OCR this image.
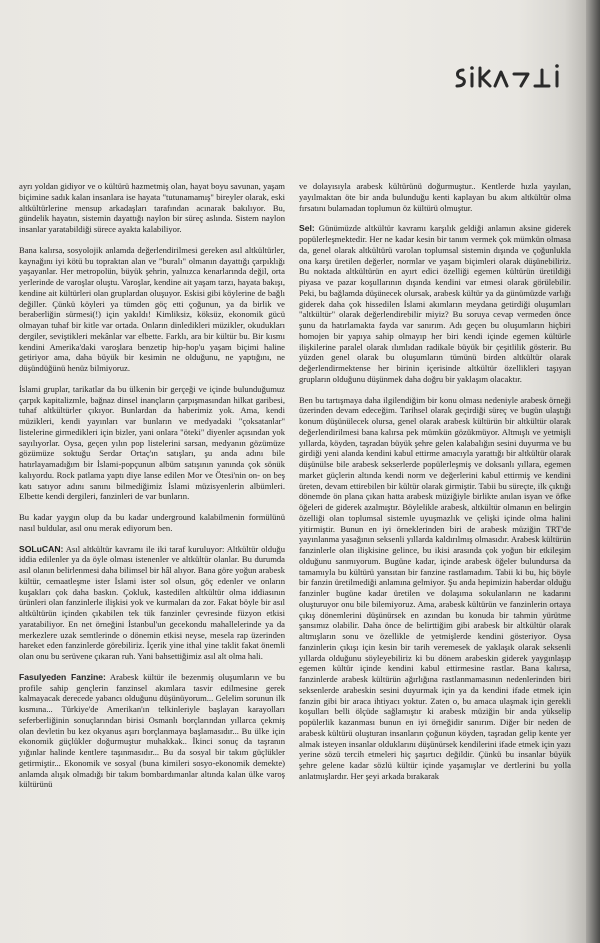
ayrı yoldan gidiyor ve o kültürü hazmetmiş olan, hayat boyu savunan, yaşam biçimine sadık kalan insanlara ise hayata "tutunamamış" bireyler olarak, eski altkültürlerine mensup arkadaşları tarafından acınarak bakılıyor. Bu, gündelik hayatın, sistemin dayattığı naylon bir süreç aslında. Sistem naylon insanlar yaratabildiği sürece ayakta kalabiliyor.

Bana kalırsa, sosyolojik anlamda değerlendirilmesi gereken asıl altkültürler, kaynağını iyi kötü bu topraktan alan ve "buralı" olmanın dayattığı çarpıklığı yaşayanlar. Her metropolün, büyük şehrin, yalnızca kenarlarında değil, orta yerlerinde de varoşlar oluştu. Varoşlar, kendine ait yaşam tarzı, hayata bakışı, kendine ait kültürleri olan gruplardan oluşuyor. Eskisi gibi köylerine de bağlı değiller. Çünkü köyleri ya tümden göç etti çoğunun, ya da birlik ve beraberliğin sürmesi(!) için yakıldı! Kimliksiz, köksüz, ekonomik gücü olmayan tuhaf bir kitle var ortada. Onların dinledikleri müzikler, okudukları dergiler, seviştikleri mekânlar var elbette. Farklı, ara bir kültür bu. Bir kısmı kendini Amerika'daki varoşlara benzetip hip-hop'u yaşam biçimi haline getiriyor ama, daha büyük bir kesimin ne olduğunu, ne yaptığını, ne düşündüğünü henüz bilmiyoruz.

İslami gruplar, tarikatlar da bu ülkenin bir gerçeği ve içinde bulunduğumuz çarpık kapitalizmle, bağnaz dinsel inançların çarpışmasından hilkat garibesi, tuhaf altkültürler çıkıyor. Bunlardan da haberimiz yok. Ama, kendi müzikleri, kendi yayınları var bunların ve medyadaki "çoksatanlar" listelerine girmedikleri için bizler, yani onlara "öteki" diyenler açısından yok sayılıyorlar. Oysa, geçen yılın pop listelerini sarsan, medyanın gözümüze gözümüze soktuğu Serdar Ortaç'ın satışları, şu anda adını bile hatırlayamadığım bir İslami-popçunun albüm satışının yanında çok sönük kalıyordu. Rock patlama yaptı diye lanse edilen Mor ve Ötesi'nin on- on beş katı satıyor adını sanını bilmediğimiz İslami müzisyenlerin albümleri. Elbette kendi dergileri, fanzinleri de var bunların.

Bu kadar yaygın olup da bu kadar underground kalabilmenin formülünü nasıl buldular, asıl onu merak ediyorum ben.

SOLuCAN: Asıl altkültür kavramı ile iki taraf kuruluyor: Altkültür olduğu iddia edilenler ya da öyle olması istenenler ve altkültür olanlar. Bu durumda asıl olanın belirlenmesi daha bilimsel bir hâl alıyor. Bana göre yoğun arabesk kültür, cemaatleşme ister İslami ister sol olsun, göç edenler ve onların kuşakları çok daha baskın. Çokluk, kastedilen altkültür olma iddiasının ürünleri olan fanzinlerle ilişkisi yok ve kurmaları da zor. Fakat böyle bir asıl altkültürün içinden çıkabilen tek tük fanzinler çevresinde füzyon etkisi yaratabiliyor. En net örneğini İstanbul'un gecekondu mahallelerinde ya da merkezlere uzak semtlerinde o dönemin etkisi neyse, mesela rap üzerinden hareket eden fanzinlerde görebiliriz. İçerik yine ithal yine taklit fakat önemli olan onu bu serüvene çıkaran ruh. Yani bahsettiğimiz asıl alt olma hali.

Fasulyeden Fanzine: Arabesk kültür ile bezenmiş oluşumların ve bu profile sahip gençlerin fanzinsel akımlara tasvir edilmesine gerek kalmayacak derecede yabancı olduğunu düşünüyorum... Gelelim sorunun ilk kısmına... Türkiye'de Amerikan'ın telkinleriyle başlayan karayolları seferberliğinin sonuçlarından birisi Osmanlı borçlarından yıllarca çekmiş olan devletin bu kez okyanus aşırı borçlanmaya başlamasıdır... Bu ülke için ekonomik güçlükler doğurmuştur muhakkak.. İkinci sonuç da taşranın yığınlar halinde kentlere taşınmasıdır... Bu da sosyal bir takım güçlükler getirmiştir... Ekonomik ve sosyal (buna kimileri sosyo-ekonomik demekte) anlamda alışık olmadığı bir takım bombardımanlar altında kalan ülke varoş kültürünü

ve dolayısıyla arabesk kültürünü doğurmuştur.. Kentlerde hızla yayılan, yayılmaktan öte bir anda bulunduğu kenti kaplayan bu akım altkültür olma fırsatını bulamadan toplumun öz kültürü olmuştur.

Sel: Günümüzde altkültür kavramı karşılık geldiği anlamın aksine giderek popülerleşmektedir. Her ne kadar kesin bir tanım vermek çok mümkün olmasa da, genel olarak altkültürü varolan toplumsal sistemin dışında ve çoğunlukla ona karşı üretilen değerler, normlar ve yaşam biçimleri olarak düşünebiliriz. Bu noktada altkültürün en ayırt edici özelliği egemen kültürün üretildiği piyasa ve pazar koşullarının dışında kendini var etmesi olarak görülebilir. Peki, bu bağlamda düşünecek olursak, arabesk kültür ya da günümüzde varlığı giderek daha çok hissedilen İslami akımların meydana getirdiği oluşumları "altkültür" olarak değerlendirebilir miyiz? Bu soruya cevap vermeden önce şunu da hatırlamakta fayda var sanırım. Adı geçen bu oluşumların hiçbiri homojen bir yapıya sahip olmayıp her biri kendi içinde egemen kültürle ilişkilerine paralel olarak ılımlıdan radikale büyük bir çeşitlilik gösterir. Bu yüzden genel olarak bu oluşumların tümünü birden altkültür olarak değerlendirmektense her birinin içerisinde altkültür özellikleri taşıyan grupların olduğunu düşünmek daha doğru bir yaklaşım olacaktır.

Ben bu tartışmaya daha ilgilendiğim bir konu olması nedeniyle arabesk örneği üzerinden devam edeceğim. Tarihsel olarak geçirdiği süreç ve bugün ulaştığı konum düşünülecek olursa, genel olarak arabesk kültürün bir altkültür olarak değerlendirilmesi bana kalırsa pek mümkün gözükmüyor. Altmışlı ve yetmişli yıllarda, köyden, taşradan büyük şehre gelen kalabalığın sesini duyurma ve bu girdiği yeni alanda kendini kabul ettirme amacıyla yarattığı bir altkültür olarak düşünülse bile arabesk sekserlerde popülerleşmiş ve doksanlı yıllara, egemen market güçlerin altında kendi norm ve değerlerini kabul ettirmiş ve kendini üreten, devam ettirebilen bir kültür olarak girmiştir. Tabii bu süreçte, ilk çıktığı dönemde ön plana çıkan hatta arabesk müziğiyle birlikte anılan isyan ve öfke öğeleri de giderek azalmıştır. Böylelikle arabesk, altkültür olmanın en belirgin özelliği olan toplumsal sistemle uyuşmazlık ve çelişki içinde olma halini yitirmiştir. Bunun en iyi örneklerinden biri de arabesk müziğin TRT'de yayınlanma yasağının seksenli yıllarda kaldırılmış olmasıdır. Arabesk kültürün fanzinlerle olan ilişkisine gelince, bu ikisi arasında çok yoğun bir etkileşim olduğunu sanmıyorum. Bugüne kadar, içinde arabesk öğeler bulundursa da tamamıyla bu kültürü yansıtan bir fanzine rastlamadım. Tabii ki bu, hiç böyle bir fanzin üretilmediği anlamına gelmiyor. Şu anda hepimizin haberdar olduğu fanzinler bugüne kadar üretilen ve dolaşıma sokulanların ne kadarını oluşturuyor onu bile bilemiyoruz. Ama, arabesk kültürün ve fanzinlerin ortaya çıkış dönemlerini düşünürsek en azından bu konuda bir tahmin yürütme şansımız olabilir. Daha önce de belirttiğim gibi arabesk bir altkültür olarak altmışların sonu ve özellikle de yetmişlerde kendini gösteriyor. Oysa fanzinlerin çıkışı için kesin bir tarih veremesek de yaklaşık olarak seksenli yıllarda olduğunu söyleyebiliriz ki bu dönem arabeskin giderek yaygınlaşıp egemen kültür içinde kendini kabul ettirmesine rastlar. Bana kalırsa, fanzinlerde arabesk kültürün ağırlığına rastlanmamasının nedenlerinden biri seksenlerde arabeskin sesini duyurmak için ya da kendini ifade etmek için fanzin gibi bir araca ihtiyacı yoktur. Zaten o, bu amaca ulaşmak için gerekli koşulları belli ölçüde sağlamıştır ki arabesk müziğin bir anda yükselip popülerlik kazanması bunun en iyi örneğidir sanırım. Diğer bir neden de arabesk kültürü oluşturan insanların çoğunun köyden, taşradan gelip kente yer almak isteyen insanlar olduklarını düşünürsek kendilerini ifade etmek için yazı yerine sözü tercih etmeleri hiç şaşırtıcı değildir. Çünkü bu insanlar büyük şehre gelene kadar sözlü kültür içinde yaşamışlar ve dertlerini bu yolla anlatmışlardır. Her şeyi arkada bırakarak
